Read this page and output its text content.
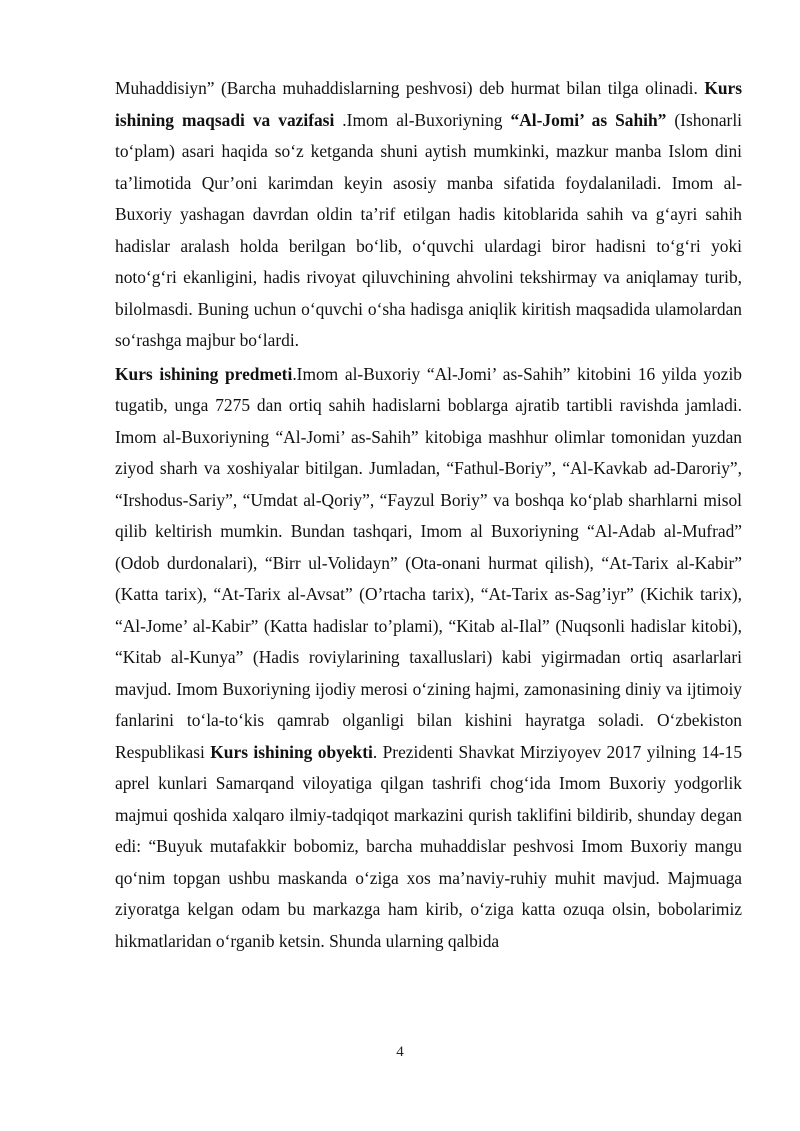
Muhaddisiyn” (Barcha muhaddislarning peshvosi) deb hurmat bilan tilga olinadi. Kurs ishining maqsadi va vazifasi .Imom al-Buxoriyning “Al-Jomi’ as Sahih” (Ishonarli to‘plam) asari haqida so‘z ketganda shuni aytish mumkinki, mazkur manba Islom dini ta’limotida Qur’oni karimdan keyin asosiy manba sifatida foydalaniladi. Imom al-Buxoriy yashagan davrdan oldin ta’rif etilgan hadis kitoblarida sahih va g‘ayri sahih hadislar aralash holda berilgan bo‘lib, o‘quvchi ulardagi biror hadisni to‘g‘ri yoki noto‘g‘ri ekanligini, hadis rivoyat qiluvchining ahvolini tekshirmay va aniqlamay turib, bilolmasdi. Buning uchun o‘quvchi o‘sha hadisga aniqlik kiritish maqsadida ulamolardan so‘rashga majbur bo‘lardi.

Kurs ishining predmeti.Imom al-Buxoriy “Al-Jomi’ as-Sahih” kitobini 16 yilda yozib tugatib, unga 7275 dan ortiq sahih hadislarni boblarga ajratib tartibli ravishda jamladi. Imom al-Buxoriyning “Al-Jomi’ as-Sahih” kitobiga mashhur olimlar tomonidan yuzdan ziyod sharh va xoshiyalar bitilgan. Jumladan, “Fathul-Boriy”, “Al-Kavkab ad-Daroriy”, “Irshodus-Sariy”, “Umdat al-Qoriy”, “Fayzul Boriy” va boshqa ko‘plab sharhlarni misol qilib keltirish mumkin. Bundan tashqari, Imom al Buxoriyning “Al-Adab al-Mufrad” (Odob durdonalari), “Birr ul-Volidayn” (Ota-onani hurmat qilish), “At-Tarix al-Kabir” (Katta tarix), “At-Tarix al-Avsat” (O’rtacha tarix), “At-Tarix as-Sag’iyr” (Kichik tarix), “Al-Jome’ al-Kabir” (Katta hadislar to’plami), “Kitab al-Ilal” (Nuqsonli hadislar kitobi), “Kitab al-Kunya” (Hadis roviylarining taxalluslari) kabi yigirmadan ortiq asarlarlari mavjud. Imom Buxoriyning ijodiy merosi o‘zining hajmi, zamonasining diniy va ijtimoiy fanlarini to‘la-to‘kis qamrab olganligi bilan kishini hayratga soladi. O‘zbekiston Respublikasi Kurs ishining obyekti. Prezidenti Shavkat Mirziyoyev 2017 yilning 14-15 aprel kunlari Samarqand viloyatiga qilgan tashrifi chog‘ida Imom Buxoriy yodgorlik majmui qoshida xalqaro ilmiy-tadqiqot markazini qurish taklifini bildirib, shunday degan edi: “Buyuk mutafakkir bobomiz, barcha muhaddislar peshvosi Imom Buxoriy mangu qo‘nim topgan ushbu maskanda o‘ziga xos ma’naviy-ruhiy muhit mavjud. Majmuaga ziyoratga kelgan odam bu markazga ham kirib, o‘ziga katta ozuqa olsin, bobolarimiz hikmatlaridan o‘rganib ketsin. Shunda ularning qalbida

4
